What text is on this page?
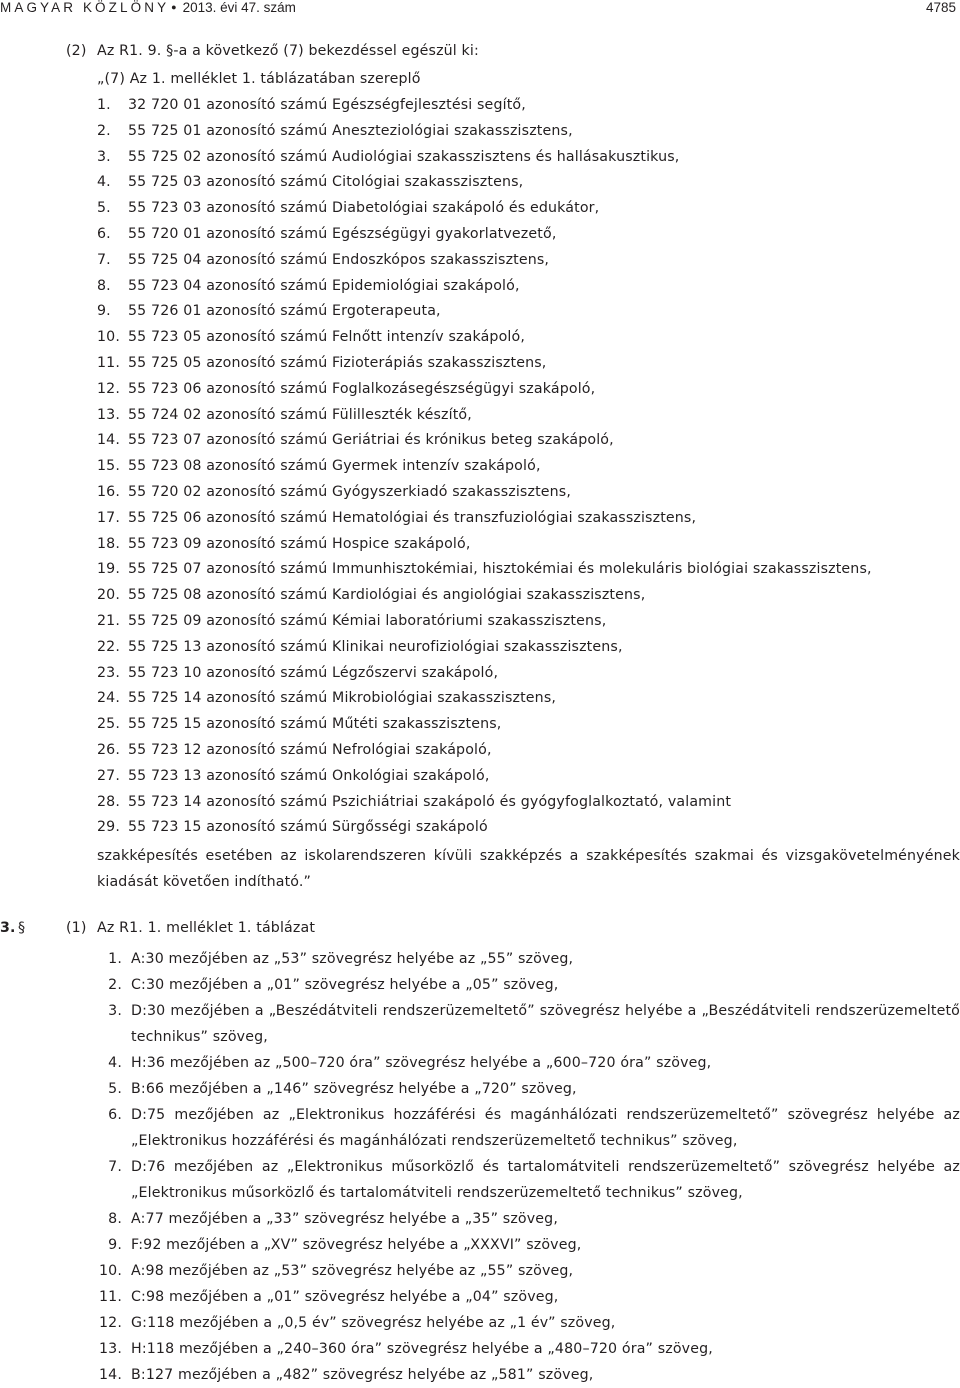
MAGYAR KÖZLÖNY ● 2013. évi 47. szám	4785
(2) Az R1. 9. §-a a következő (7) bekezdéssel egészül ki:
„(7) Az 1. melléklet 1. táblázatában szereplő
1. 32 720 01 azonosító számú Egészségfejlesztési segítő,
2. 55 725 01 azonosító számú Aneszteziológiai szakasszisztens,
3. 55 725 02 azonosító számú Audiológiai szakasszisztens és hallásakusztikus,
4. 55 725 03 azonosító számú Citológiai szakasszisztens,
5. 55 723 03 azonosító számú Diabetológiai szakápoló és edukátor,
6. 55 720 01 azonosító számú Egészségügyi gyakorlatvezető,
7. 55 725 04 azonosító számú Endoszkópos szakasszisztens,
8. 55 723 04 azonosító számú Epidemiológiai szakápoló,
9. 55 726 01 azonosító számú Ergoterapeuta,
10. 55 723 05 azonosító számú Felnőtt intenzív szakápoló,
11. 55 725 05 azonosító számú Fizioterápiás szakasszisztens,
12. 55 723 06 azonosító számú Foglalkozásegészségügyi szakápoló,
13. 55 724 02 azonosító számú Fülilleszték készítő,
14. 55 723 07 azonosító számú Geriátriai és krónikus beteg szakápoló,
15. 55 723 08 azonosító számú Gyermek intenzív szakápoló,
16. 55 720 02 azonosító számú Gyógyszerkiadó szakasszisztens,
17. 55 725 06 azonosító számú Hematológiai és transzfuziológiai szakasszisztens,
18. 55 723 09 azonosító számú Hospice szakápoló,
19. 55 725 07 azonosító számú Immunhisztokémiai, hisztokémiai és molekuláris biológiai szakasszisztens,
20. 55 725 08 azonosító számú Kardiológiai és angiológiai szakasszisztens,
21. 55 725 09 azonosító számú Kémiai laboratóriumi szakasszisztens,
22. 55 725 13 azonosító számú Klinikai neurofiziológiai szakasszisztens,
23. 55 723 10 azonosító számú Légzőszervi szakápoló,
24. 55 725 14 azonosító számú Mikrobiológiai szakasszisztens,
25. 55 725 15 azonosító számú Műtéti szakasszisztens,
26. 55 723 12 azonosító számú Nefrológiai szakápoló,
27. 55 723 13 azonosító számú Onkológiai szakápoló,
28. 55 723 14 azonosító számú Pszichiátriai szakápoló és gyógyfoglalkoztató, valamint
29. 55 723 15 azonosító számú Sürgősségi szakápoló
szakképesítés esetében az iskolarendszeren kívüli szakképzés a szakképesítés szakmai és vizsgakövetelményének kiadását követően indítható.”
3. §	(1) Az R1. 1. melléklet 1. táblázat
1. A:30 mezőjében az „53” szövegrész helyébe az „55” szöveg,
2. C:30 mezőjében a „01” szövegrész helyébe a „05” szöveg,
3. D:30 mezőjében a „Beszédátviteli rendszerüzemeltető” szövegrész helyébe a „Beszédátviteli rendszerüzemeltető technikus” szöveg,
4. H:36 mezőjében az „500–720 óra” szövegrész helyébe a „600–720 óra” szöveg,
5. B:66 mezőjében a „146” szövegrész helyébe a „720” szöveg,
6. D:75 mezőjében az „Elektronikus hozzáférési és magánhálózati rendszerüzemeltető” szövegrész helyébe az „Elektronikus hozzáférési és magánhálózati rendszerüzemeltető technikus” szöveg,
7. D:76 mezőjében az „Elektronikus műsorközlő és tartalomátviteli rendszerüzemeltető” szövegrész helyébe az „Elektronikus műsorközlő és tartalomátviteli rendszerüzemeltető technikus” szöveg,
8. A:77 mezőjében a „33” szövegrész helyébe a „35” szöveg,
9. F:92 mezőjében a „XV” szövegrész helyébe a „XXXVI” szöveg,
10. A:98 mezőjében az „53” szövegrész helyébe az „55” szöveg,
11. C:98 mezőjében a „01” szövegrész helyébe a „04” szöveg,
12. G:118 mezőjében a „0,5 év” szövegrész helyébe az „1 év” szöveg,
13. H:118 mezőjében a „240–360 óra” szövegrész helyébe a „480–720 óra” szöveg,
14. B:127 mezőjében a „482” szövegrész helyébe az „581” szöveg,
